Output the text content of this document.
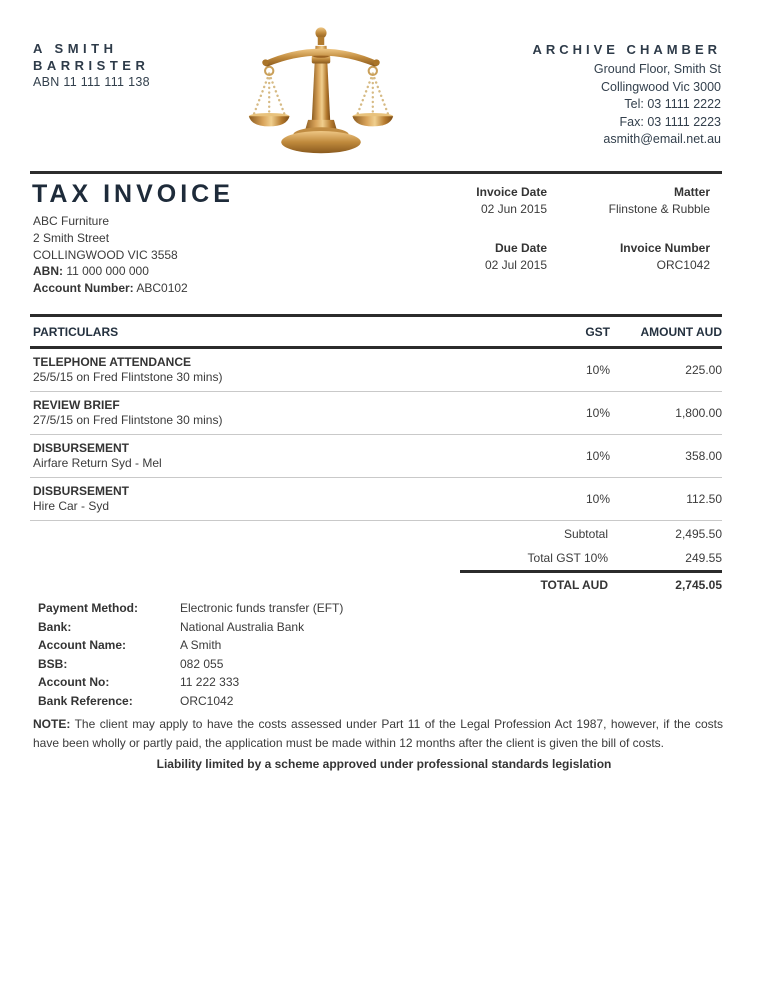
A SMITH
BARRISTER
ABN 11 111 111 138
ARCHIVE CHAMBER
Ground Floor, Smith St
Collingwood Vic 3000
Tel: 03 1111 2222
Fax: 03 1111 2223
asmith@email.net.au
TAX INVOICE
ABC Furniture
2 Smith Street
COLLINGWOOD VIC 3558
ABN: 11 000 000 000
Account Number: ABC0102
Invoice Date
02 Jun 2015
Due Date
02 Jul 2015
Matter
Flinstone & Rubble
Invoice Number
ORC1042
PARTICULARS	GST	AMOUNT AUD
TELEPHONE ATTENDANCE
25/5/15 on Fred Flintstone 30 mins)	10%	225.00
REVIEW BRIEF
27/5/15 on Fred Flintstone 30 mins)	10%	1,800.00
DISBURSEMENT
Airfare Return Syd - Mel	10%	358.00
DISBURSEMENT
Hire Car - Syd	10%	112.50
Subtotal	2,495.50
Total GST 10%	249.55
TOTAL AUD	2,745.05
Payment Method:	Electronic funds transfer (EFT)
Bank:	National Australia Bank
Account Name:	A Smith
BSB:	082 055
Account No:	11 222 333
Bank Reference:	ORC1042
NOTE: The client may apply to have the costs assessed under Part 11 of the Legal Profession Act 1987, however, if the costs have been wholly or partly paid, the application must be made within 12 months after the client is given the bill of costs.
Liability limited by a scheme approved under professional standards legislation
